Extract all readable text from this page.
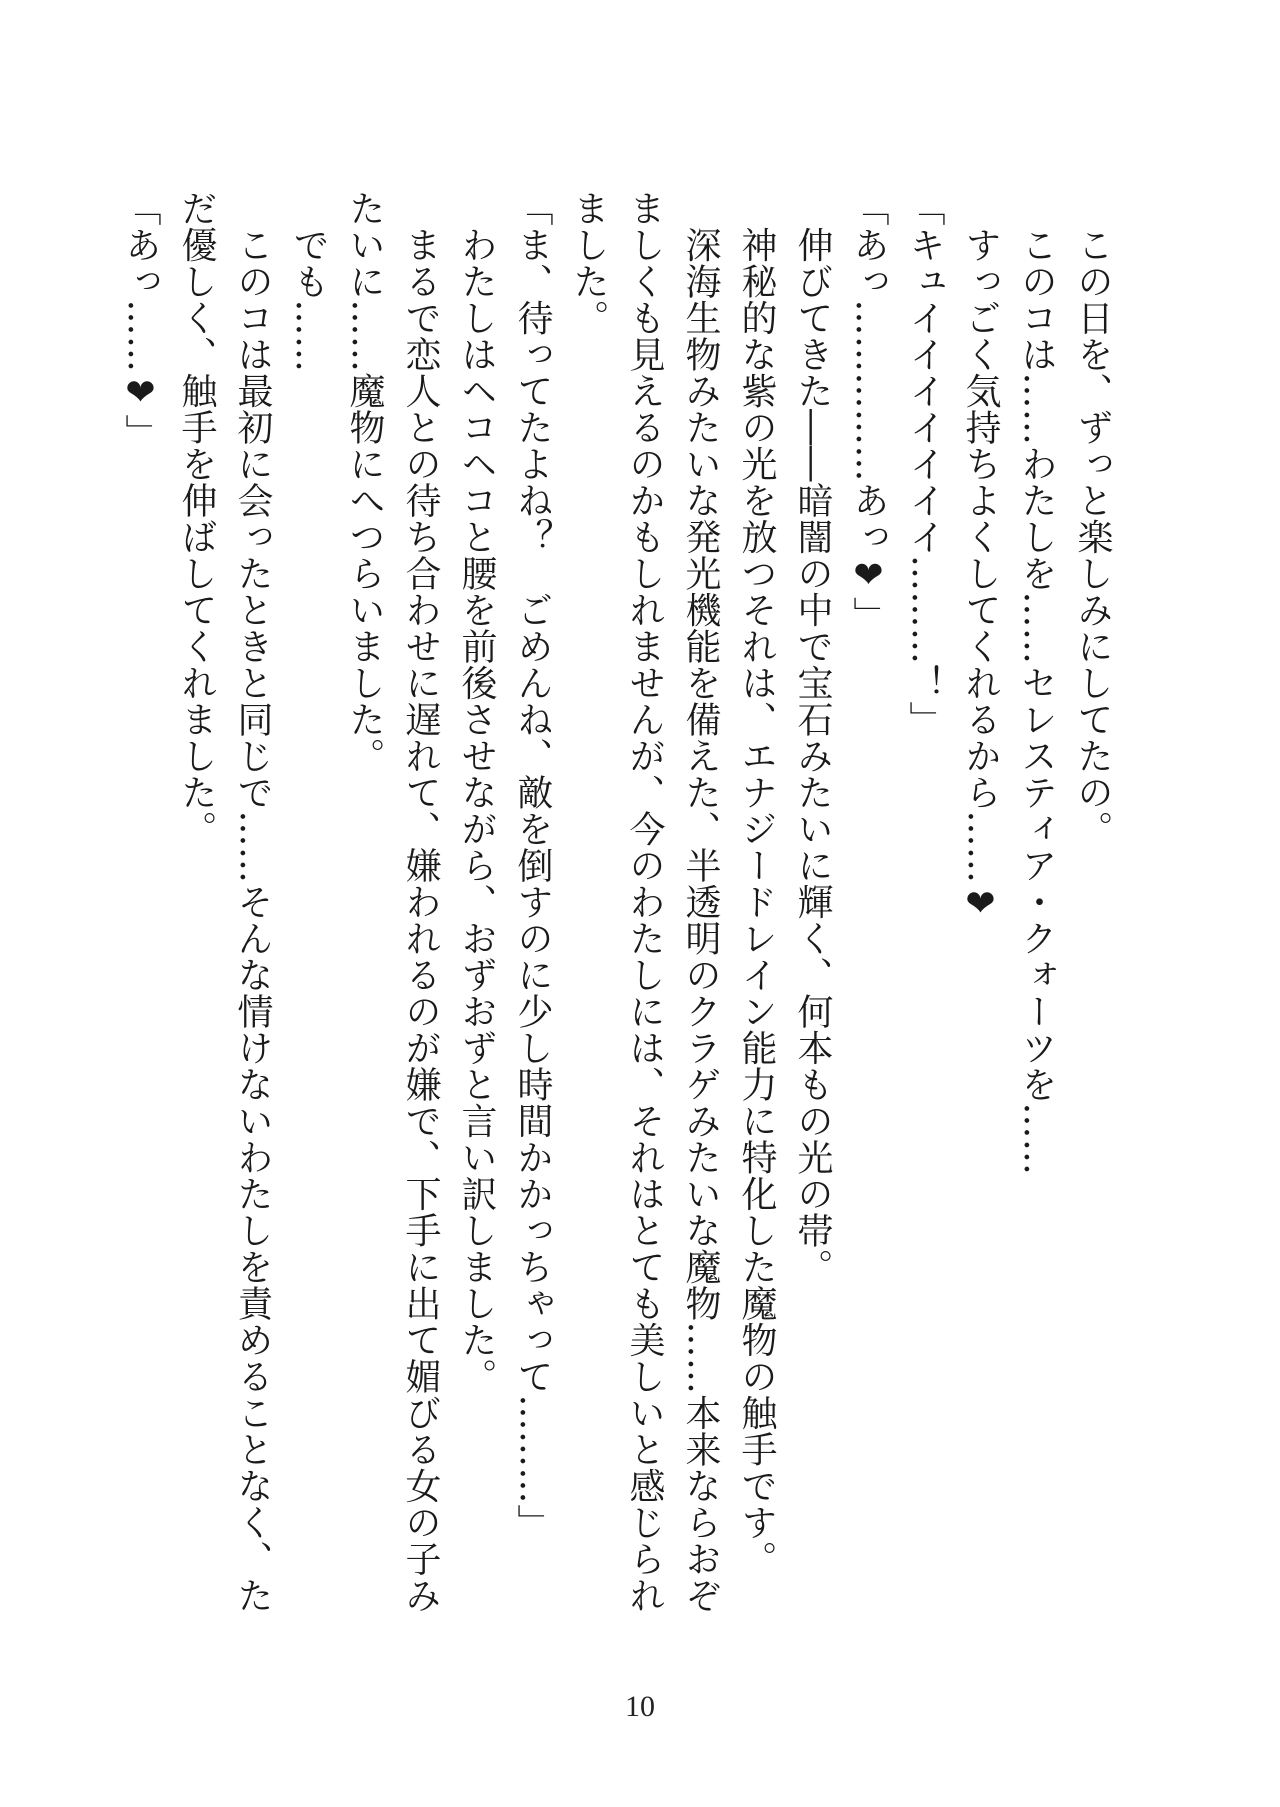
　この日を、ずっと楽しみにしてたの。

　このコは……わたしを……セレスティア・クォーツを……

　すっごく気持ちよくしてくれるから……❤

「キュイイイイイイイ………！」

「あっ……………あっ❤」

　伸びてきた――暗闇の中で宝石みたいに輝く、何本もの光の帯。

　神秘的な紫の光を放つそれは、エナジードレイン能力に特化した魔物の触手です。

　深海生物みたいな発光機能を備えた、半透明のクラゲみたいな魔物……本来ならおぞましくも見えるのかもしれませんが、今のわたしには、それはとても美しいと感じられました。

「ま、待ってたよね？　ごめんね、敵を倒すのに少し時間かかっちゃって………」

　わたしはヘコヘコと腰を前後させながら、おずおずと言い訳しました。

　まるで恋人との待ち合わせに遅れて、嫌われるのが嫌で、下手に出て媚びる女の子みたいに……魔物にへつらいました。

　でも……

　このコは最初に会ったときと同じで……そんな情けないわたしを責めることなく、ただ優しく、触手を伸ばしてくれました。

「あっ……❤」

10
